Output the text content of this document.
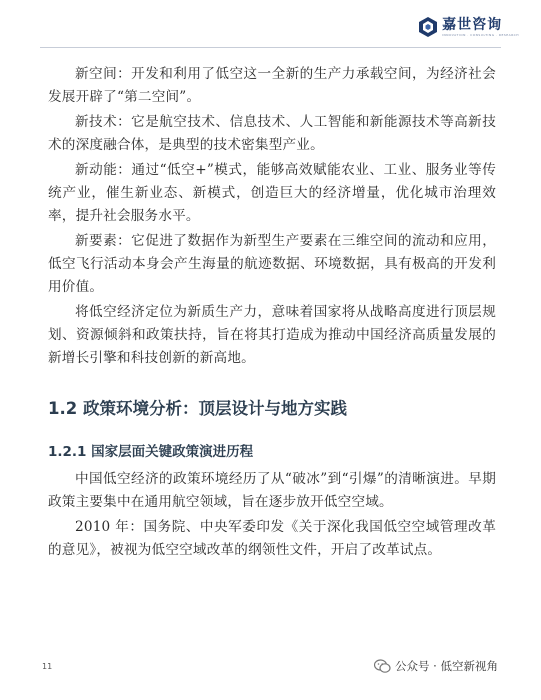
嘉世咨询
INNOVATION · CONSULTING · RESEARCH

新空间：开发和利用了低空这一全新的生产力承载空间，为经济社会发展开辟了“第二空间”。

新技术：它是航空技术、信息技术、人工智能和新能源技术等高新技术的深度融合体，是典型的技术密集型产业。

新动能：通过“低空+”模式，能够高效赋能农业、工业、服务业等传统产业，催生新业态、新模式，创造巨大的经济增量，优化城市治理效率，提升社会服务水平。

新要素：它促进了数据作为新型生产要素在三维空间的流动和应用，低空飞行活动本身会产生海量的航迹数据、环境数据，具有极高的开发利用价值。

将低空经济定位为新质生产力，意味着国家将从战略高度进行顶层规划、资源倾斜和政策扶持，旨在将其打造成为推动中国经济高质量发展的新增长引擎和科技创新的新高地。

1.2 政策环境分析：顶层设计与地方实践
1.2.1 国家层面关键政策演进历程

中国低空经济的政策环境经历了从“破冰”到“引爆”的清晰演进。早期政策主要集中在通用航空领域，旨在逐步放开低空空域。

2010 年：国务院、中央军委印发《关于深化我国低空空域管理改革的意见》，被视为低空空域改革的纲领性文件，开启了改革试点。

11	公众号 · 低空新视角
